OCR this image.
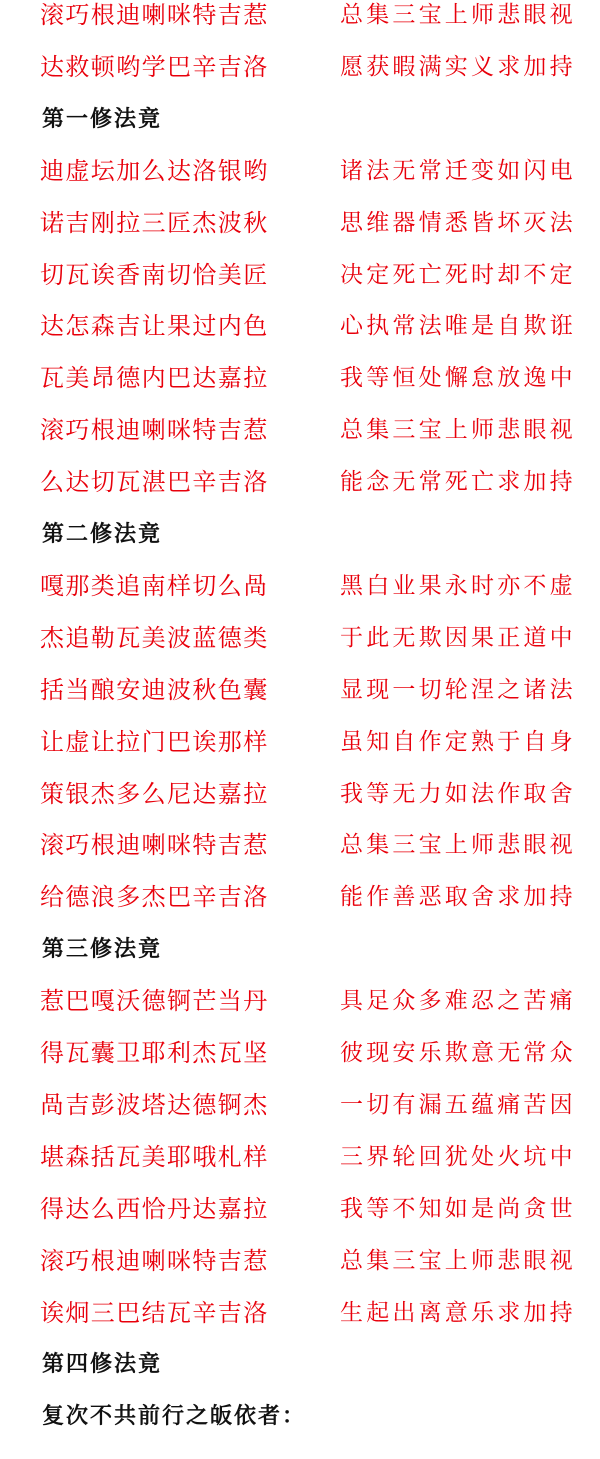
滚巧根迪喇咪特吉惹	总集三宝上师悲眼视
达救顿哟学巴辛吉洛	愿获暇满实义求加持
第一修法竟
迪虚坛加么达洛银哟	诸法无常迁变如闪电
诺吉刚拉三匠杰波秋	思维器情悉皆坏灭法
切瓦诶香南切恰美匠	决定死亡死时却不定
达怎森吉让果过内色	心执常法唯是自欺诳
瓦美昂德内巴达嘉拉	我等恒处懈怠放逸中
滚巧根迪喇咪特吉惹	总集三宝上师悲眼视
么达切瓦湛巴辛吉洛	能念无常死亡求加持
第二修法竟
嘎那类追南样切么咼	黑白业果永时亦不虚
杰追勒瓦美波蓝德类	于此无欺因果正道中
括当酿安迪波秋色囊	显现一切轮涅之诸法
让虚让拉门巴诶那样	虽知自作定熟于自身
策银杰多么尼达嘉拉	我等无力如法作取舍
滚巧根迪喇咪特吉惹	总集三宝上师悲眼视
给德浪多杰巴辛吉洛	能作善恶取舍求加持
第三修法竟
惹巴嘎沃德锕芒当丹	具足众多难忍之苦痛
得瓦囊卫耶利杰瓦坚	彼现安乐欺意无常众
咼吉彭波塔达德锕杰	一切有漏五蕴痛苦因
堪森括瓦美耶哦札样	三界轮回犹处火坑中
得达么西恰丹达嘉拉	我等不知如是尚贪世
滚巧根迪喇咪特吉惹	总集三宝上师悲眼视
诶炯三巴结瓦辛吉洛	生起出离意乐求加持
第四修法竟
复次不共前行之皈依者：
